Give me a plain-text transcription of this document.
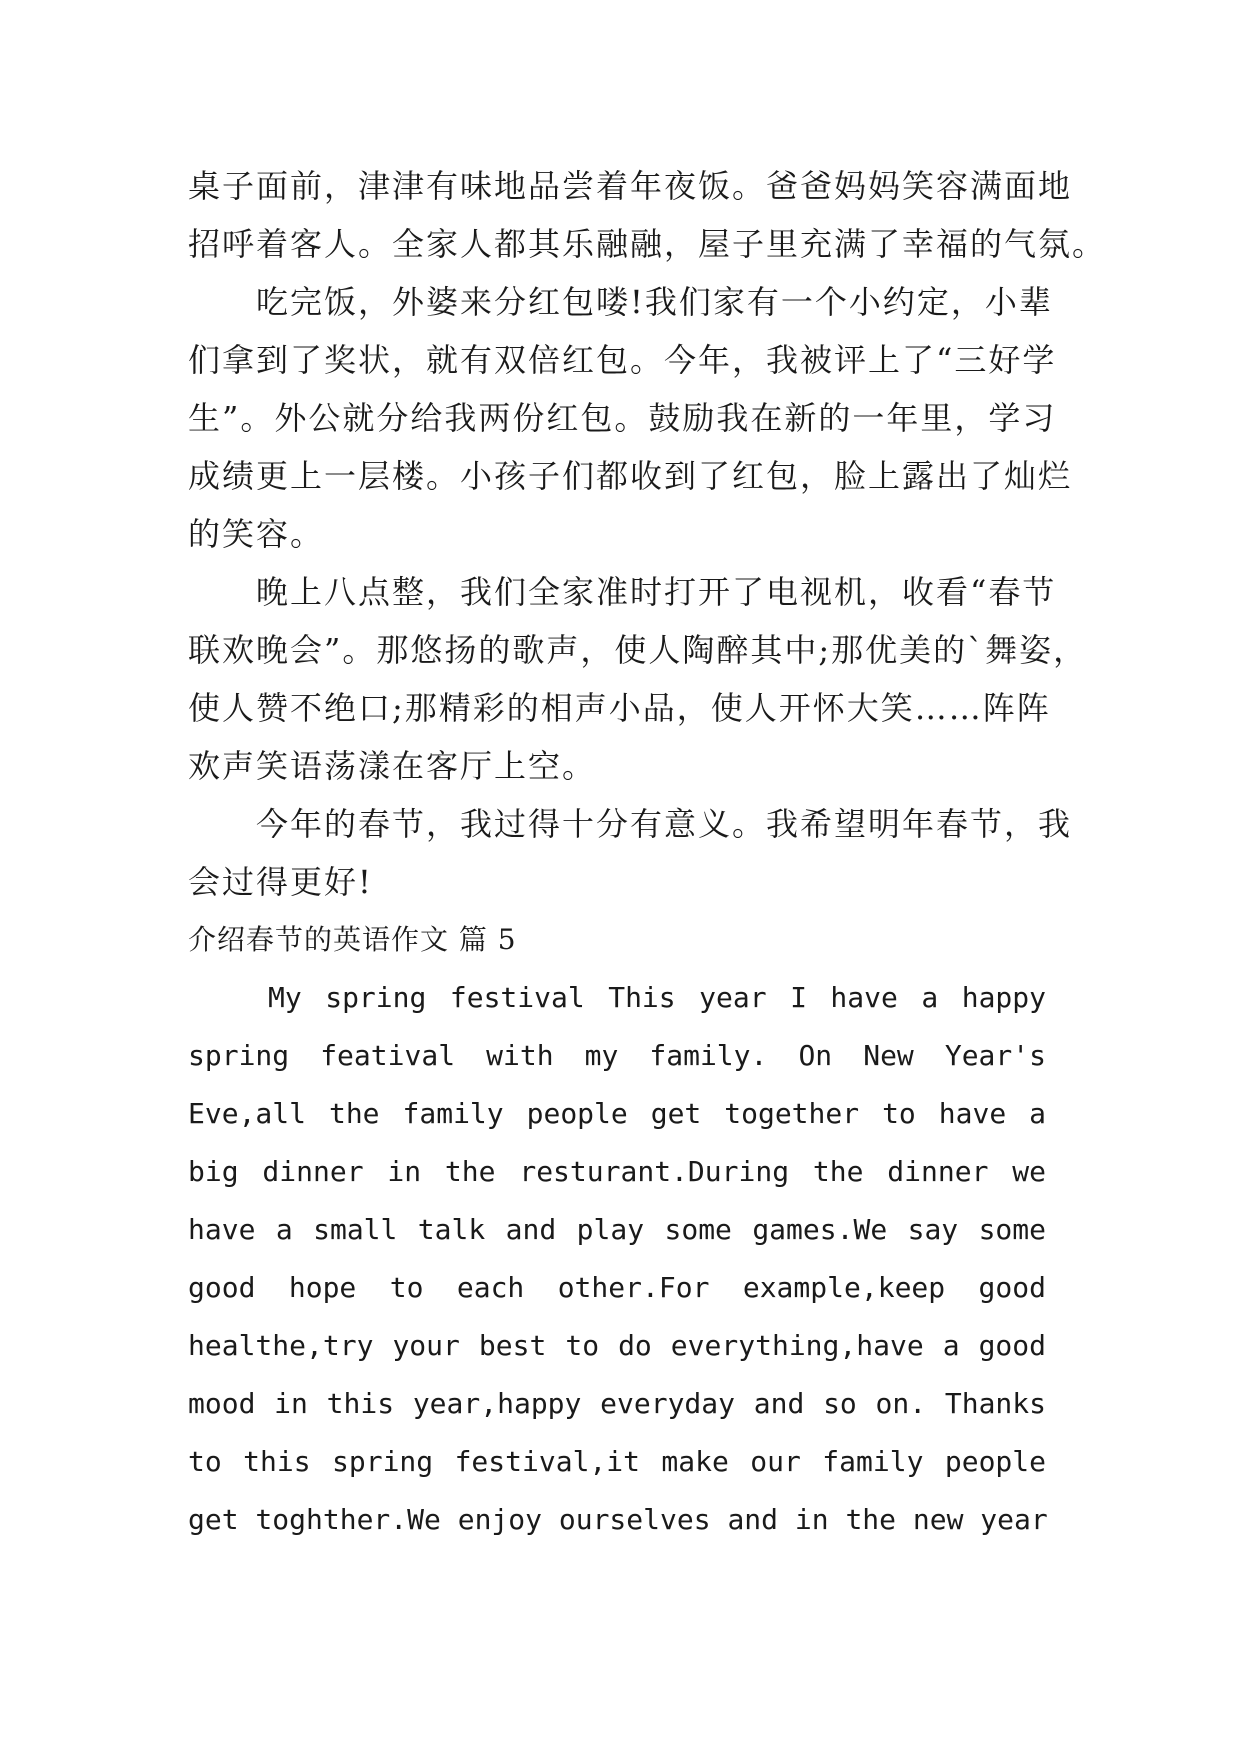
桌子面前，津津有味地品尝着年夜饭。爸爸妈妈笑容满面地
招呼着客人。全家人都其乐融融，屋子里充满了幸福的气氛。
吃完饭，外婆来分红包喽!我们家有一个小约定，小辈
们拿到了奖状，就有双倍红包。今年，我被评上了“三好学
生”。外公就分给我两份红包。鼓励我在新的一年里，学习
成绩更上一层楼。小孩子们都收到了红包，脸上露出了灿烂
的笑容。
晚上八点整，我们全家准时打开了电视机，收看“春节
联欢晚会”。那悠扬的歌声，使人陶醉其中;那优美的`舞姿，
使人赞不绝口;那精彩的相声小品，使人开怀大笑……阵阵
欢声笑语荡漾在客厅上空。
今年的春节，我过得十分有意义。我希望明年春节，我
会过得更好!
介绍春节的英语作文 篇 5
My spring festival This year I have a happy
spring featival with my family. On New Year's
Eve,all the family people get together to have a
big dinner in the resturant.During the dinner we
have a small talk and play some games.We say some
good hope to each other.For example,keep good
healthe,try your best to do everything,have a good
mood in this year,happy everyday and so on. Thanks
to this spring festival,it make our family people
get toghther.We enjoy ourselves and in the new year
